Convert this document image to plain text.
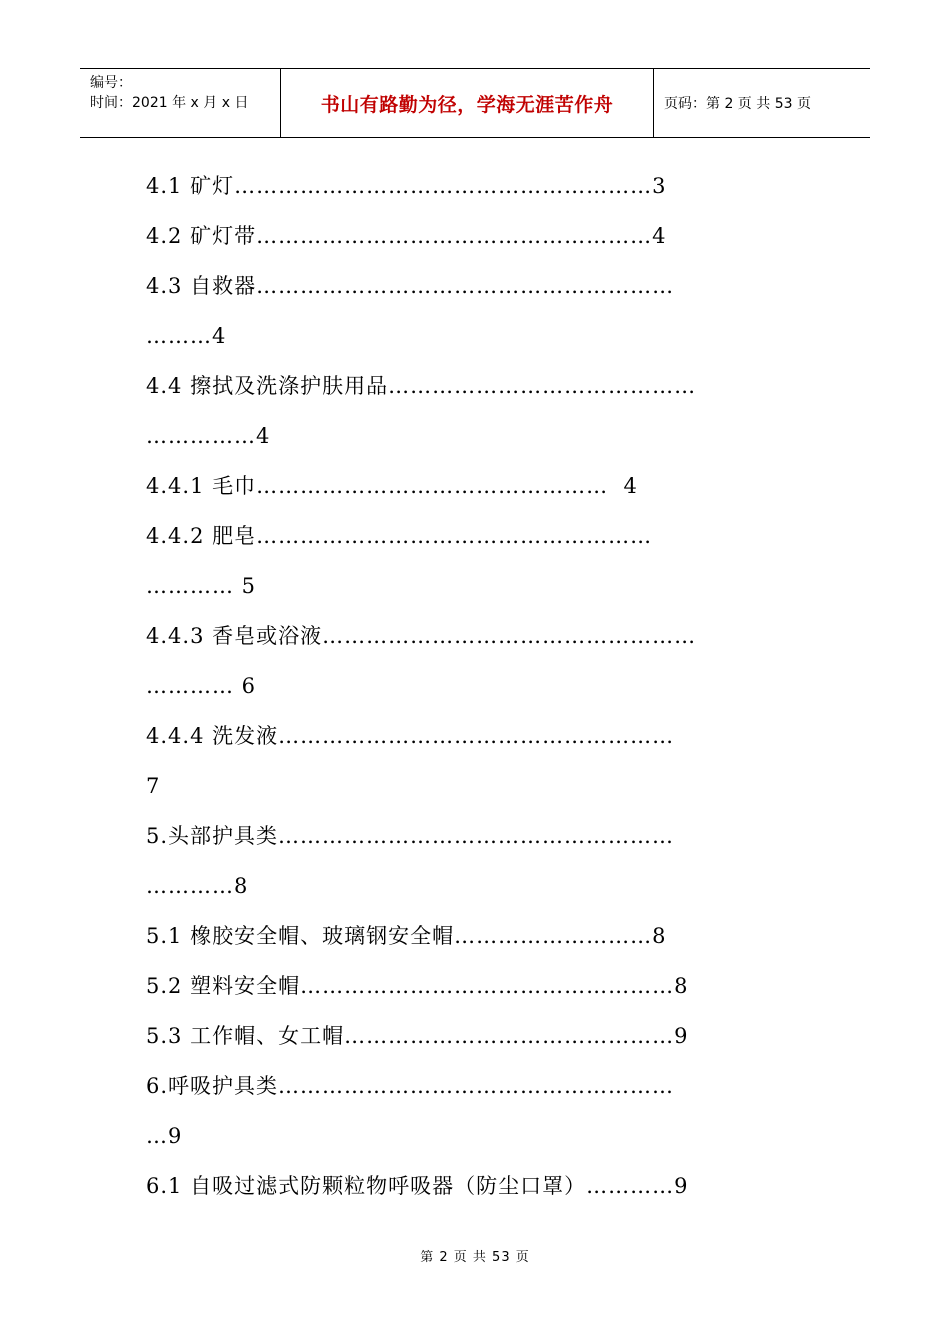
编号：
时间：2021 年 x 月 x 日	书山有路勤为径，学海无涯苦作舟	页码：第 2 页 共 53 页
4.1 矿灯…………………………………………………3
4.2 矿灯带………………………………………………4
4.3 自救器…………………………………………………
………4
4.4 擦拭及洗涤护肤用品……………………………………
……………4
4.4.1 毛巾…………………………………………  4
4.4.2 肥皂………………………………………………
………… 5
4.4.3 香皂或浴液……………………………………………
………… 6
4.4.4 洗发液………………………………………………
7
5.头部护具类………………………………………………
…………8
5.1 橡胶安全帽、玻璃钢安全帽………………………8
5.2 塑料安全帽……………………………………………8
5.3 工作帽、女工帽………………………………………9
6.呼吸护具类………………………………………………
…9
6.1 自吸过滤式防颗粒物呼吸器（防尘口罩）…………9
第 2 页 共 53 页
